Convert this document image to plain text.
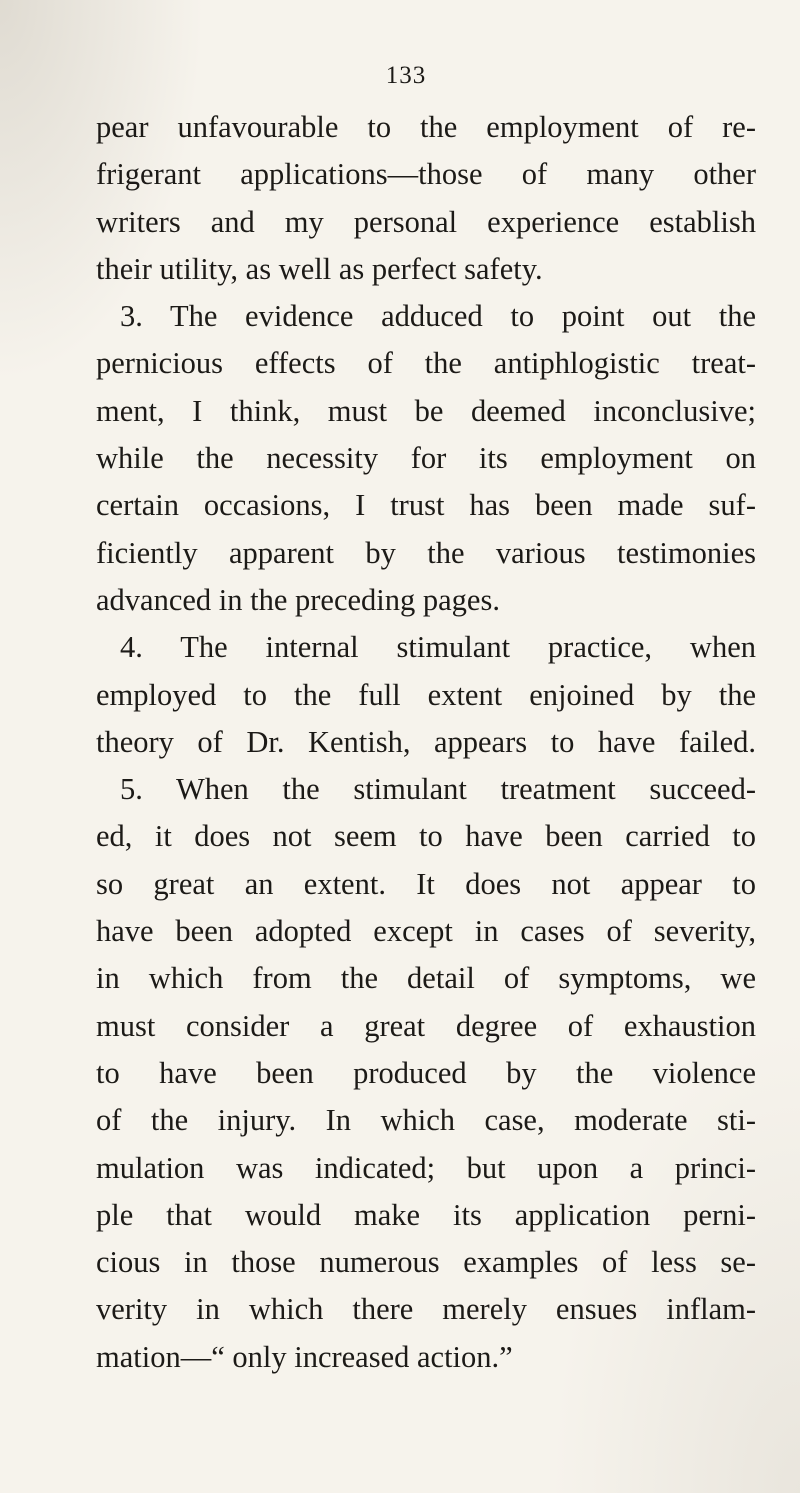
133
pear unfavourable to the employment of re-
frigerant applications—those of many other
writers and my personal experience establish
their utility, as well as perfect safety.
3. The evidence adduced to point out the
pernicious effects of the antiphlogistic treat-
ment, I think, must be deemed inconclusive;
while the necessity for its employment on
certain occasions, I trust has been made suf-
ficiently apparent by the various testimonies
advanced in the preceding pages.
4. The internal stimulant practice, when
employed to the full extent enjoined by the
theory of Dr. Kentish, appears to have failed.
5. When the stimulant treatment succeed-
ed, it does not seem to have been carried to
so great an extent. It does not appear to
have been adopted except in cases of severity,
in which from the detail of symptoms, we
must consider a great degree of exhaustion
to have been produced by the violence
of the injury. In which case, moderate sti-
mulation was indicated; but upon a princi-
ple that would make its application perni-
cious in those numerous examples of less se-
verity in which there merely ensues inflam-
mation—“ only increased action.”
